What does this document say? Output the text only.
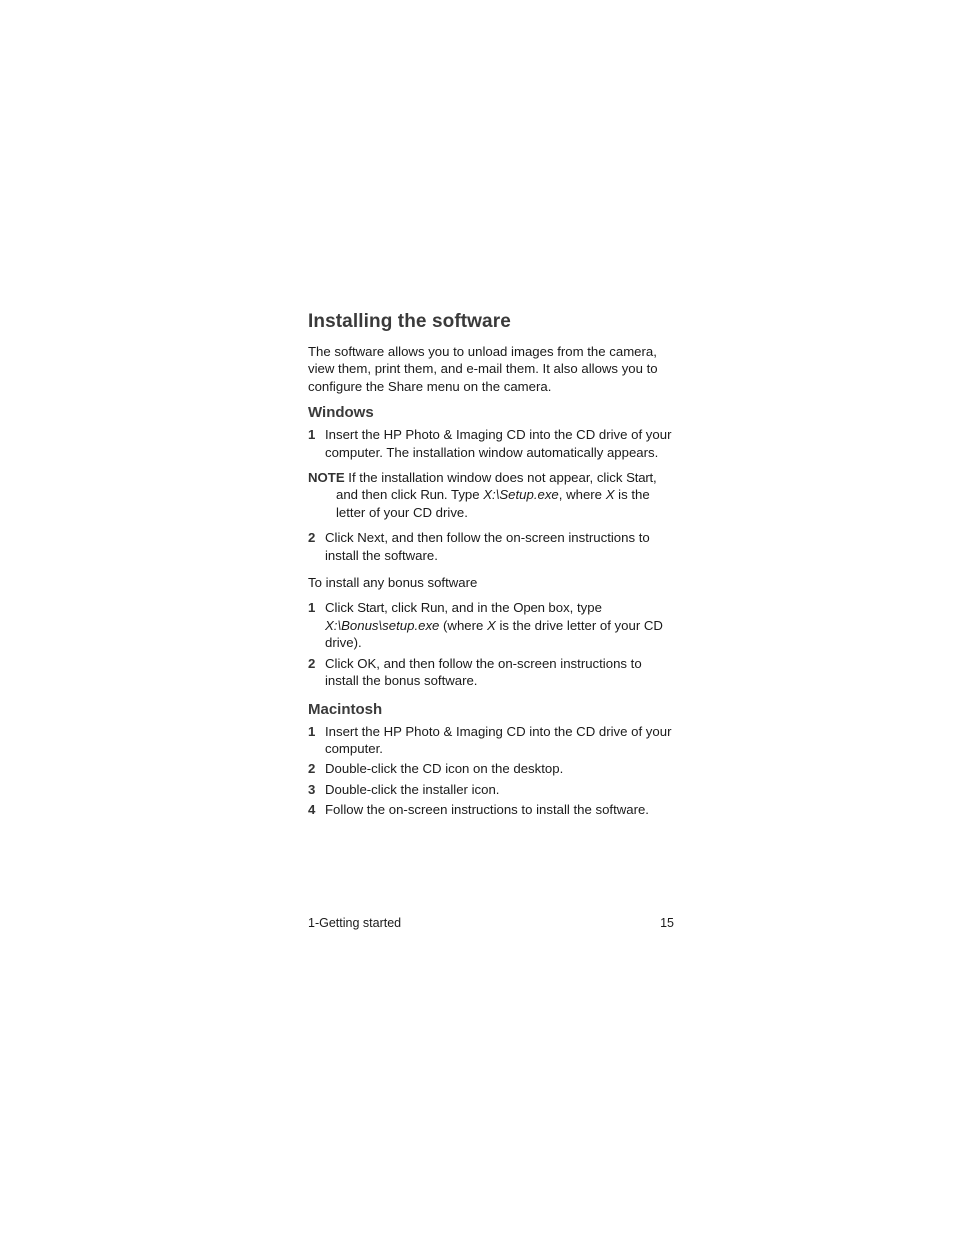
Installing the software

The software allows you to unload images from the camera, view them, print them, and e-mail them. It also allows you to configure the Share menu on the camera.

Windows
1 Insert the HP Photo & Imaging CD into the CD drive of your computer. The installation window automatically appears.

NOTE If the installation window does not appear, click Start, and then click Run. Type X:\Setup.exe, where X is the letter of your CD drive.

2 Click Next, and then follow the on-screen instructions to install the software.

To install any bonus software

1 Click Start, click Run, and in the Open box, type X:\Bonus\setup.exe (where X is the drive letter of your CD drive).
2 Click OK, and then follow the on-screen instructions to install the bonus software.
Macintosh
1 Insert the HP Photo & Imaging CD into the CD drive of your computer.
2 Double-click the CD icon on the desktop.
3 Double-click the installer icon.
4 Follow the on-screen instructions to install the software.
1-Getting started	15
